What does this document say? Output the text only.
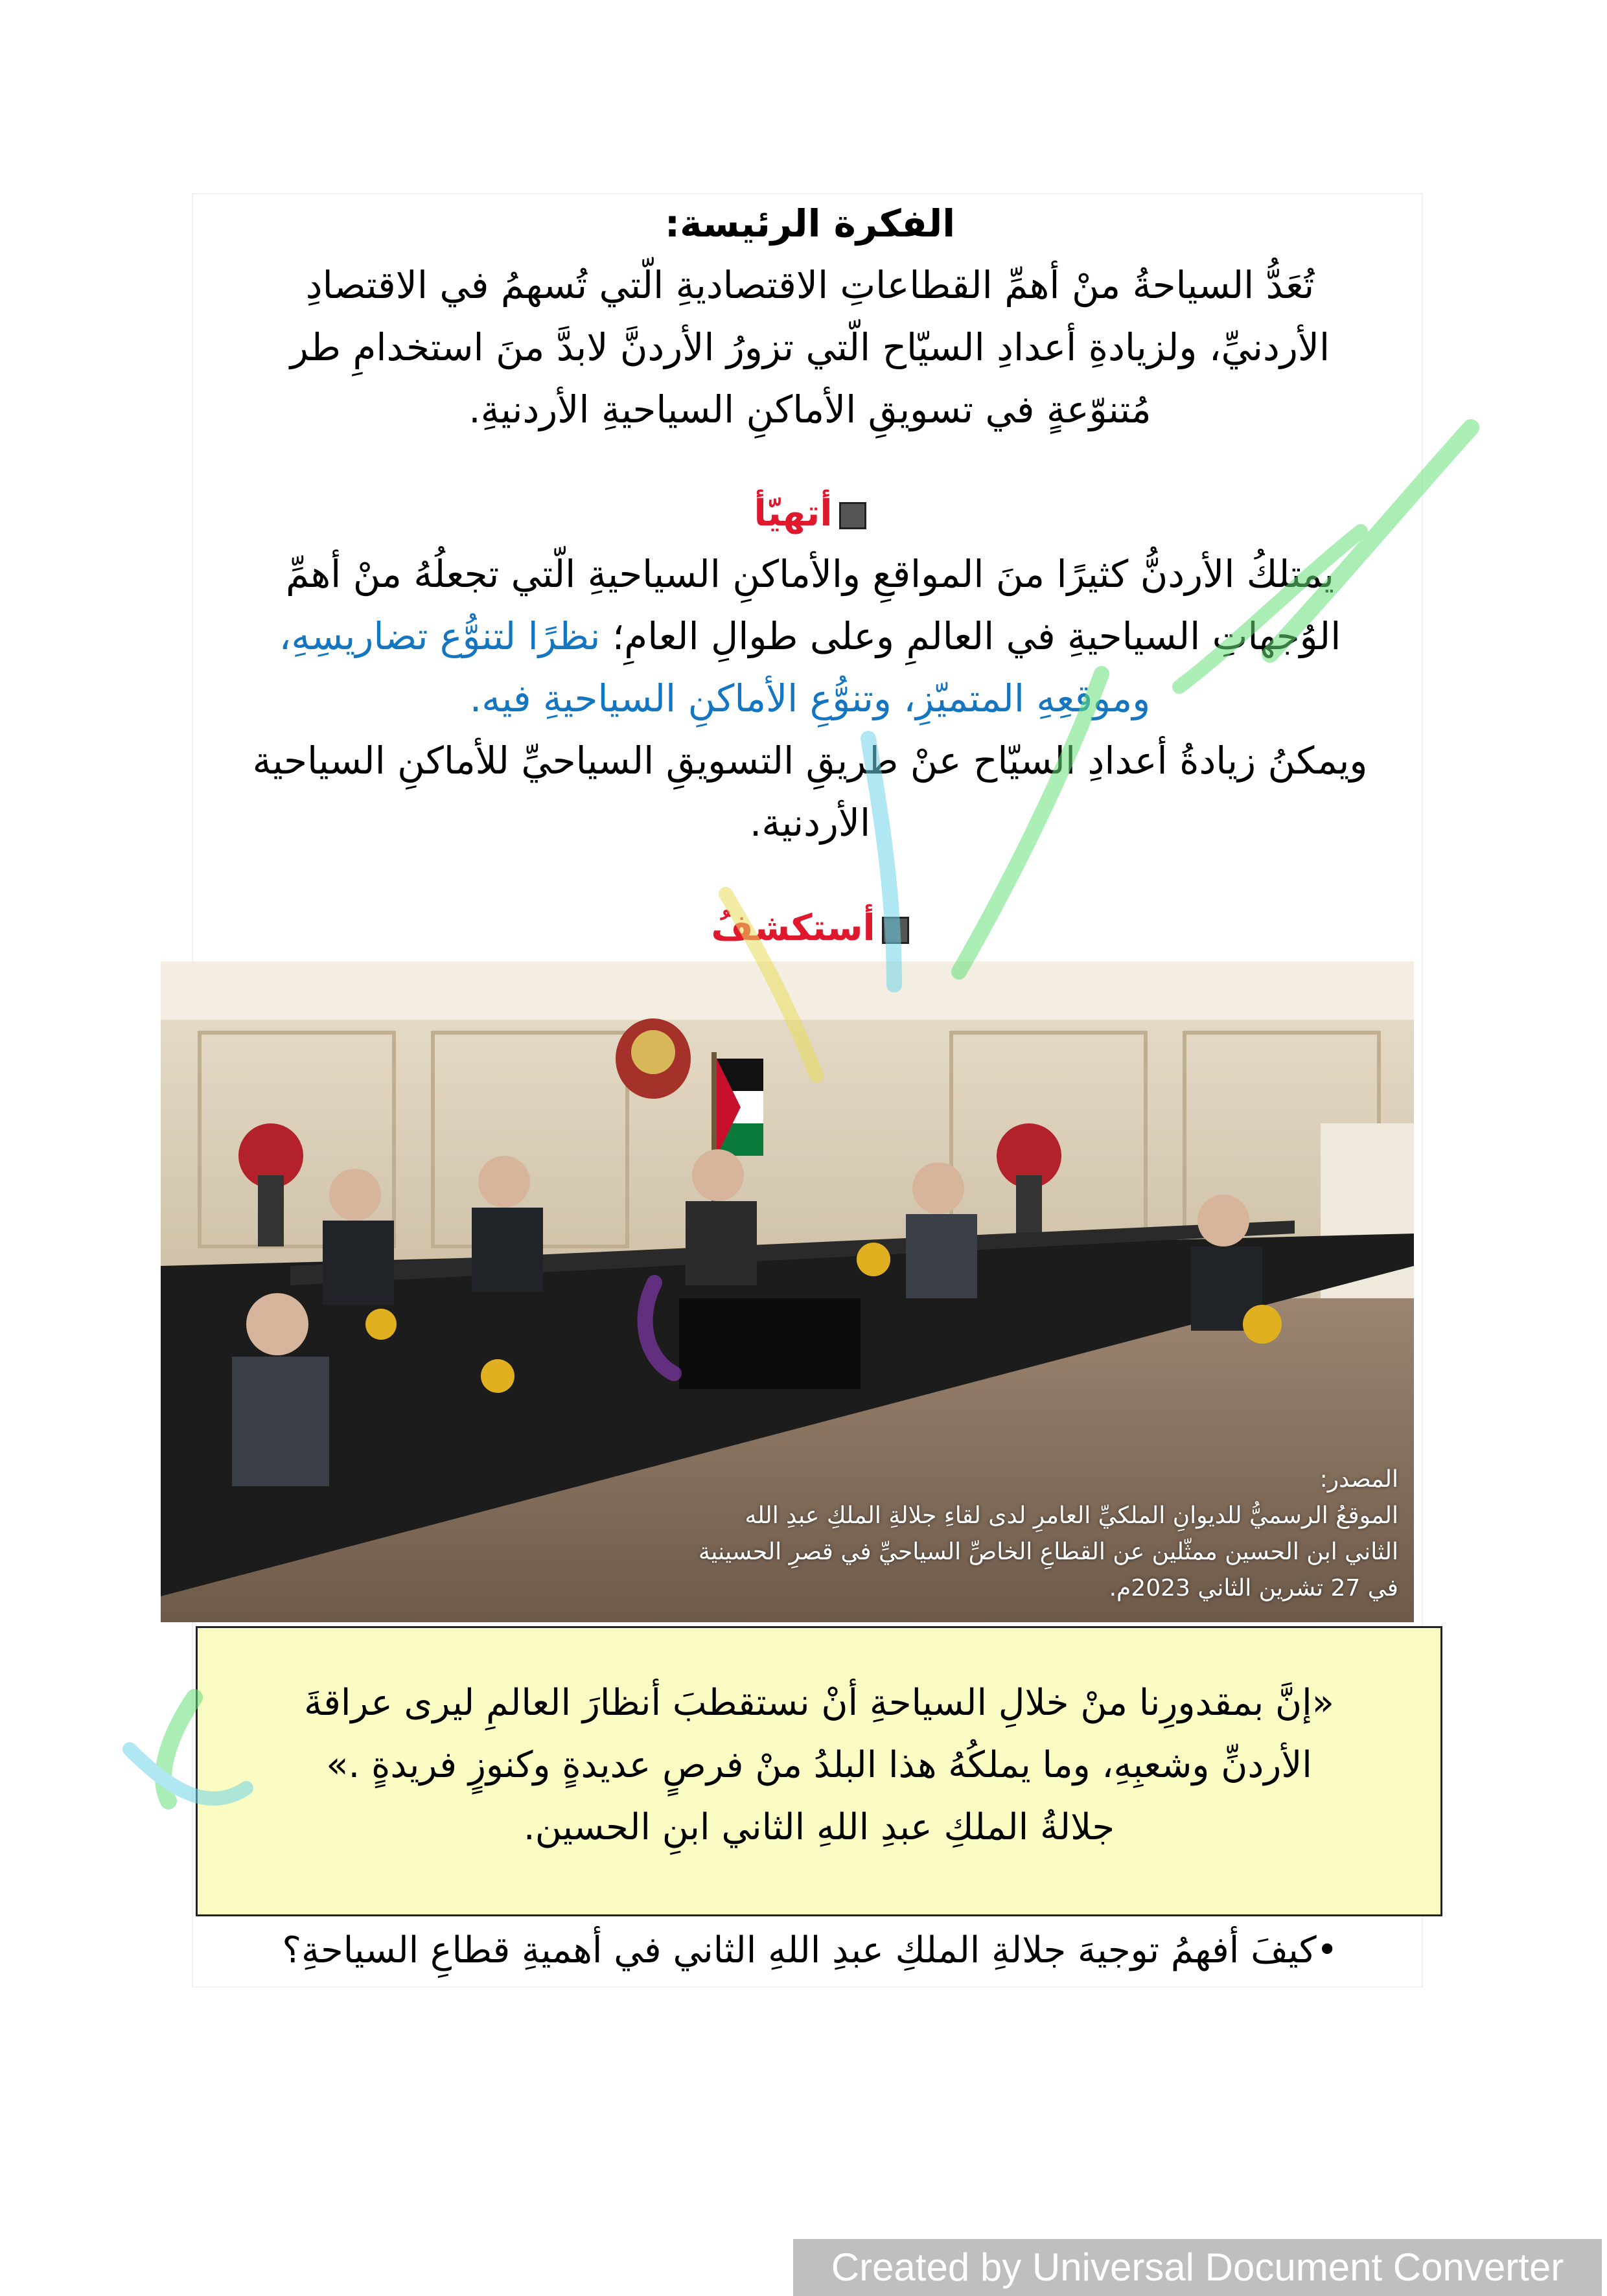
الفكرة الرئيسة:
تُعَدُّ السياحةُ منْ أهمِّ القطاعاتِ الاقتصاديةِ الّتي تُسهمُ في الاقتصادِ
الأردنيِّ، ولزيادةِ أعدادِ السيّاح الّتي تزورُ الأردنَّ لابدَّ منَ استخدامِ طر
مُتنوّعةٍ في تسويقِ الأماكنِ السياحيةِ الأردنيةِ.
أتهيّأ
يمتلكُ الأردنُّ كثيرًا منَ المواقعِ والأماكنِ السياحيةِ الّتي تجعلُهُ منْ أهمِّ
الوُجهاتِ السياحيةِ في العالمِ وعلى طوالِ العامِ؛ نظرًا لتنوُّع تضاريسِهِ،
وموقعِهِ المتميّزِ، وتنوُّعِ الأماكنِ السياحيةِ فيه.
ويمكنُ زيادةُ أعدادِ السيّاح عنْ طريقِ التسويقِ السياحيِّ للأماكنِ السياحية
الأردنية.
أستكشفُ
المصدر:
الموقعُ الرسميُّ للديوانِ الملكيِّ العامرِ لدى لقاءِ جلالةِ الملكِ عبدِ الله
الثاني ابن الحسين ممثّلين عن القطاعِ الخاصِّ السياحيِّ في قصرِ الحسينية
في 27 تشرين الثاني 2023م.
«إنَّ بمقدورِنا منْ خلالِ السياحةِ أنْ نستقطبَ أنظارَ العالمِ ليرى عراقةَ
الأردنِّ وشعبِهِ، وما يملكُهُ هذا البلدُ منْ فرصٍ عديدةٍ وكنوزٍ فريدةٍ .»
جلالةُ الملكِ عبدِ اللهِ الثاني ابنِ الحسين.
•كيفَ أفهمُ توجيهَ جلالةِ الملكِ عبدِ اللهِ الثاني في أهميةِ قطاعِ السياحةِ؟
Created by Universal Document Converter
